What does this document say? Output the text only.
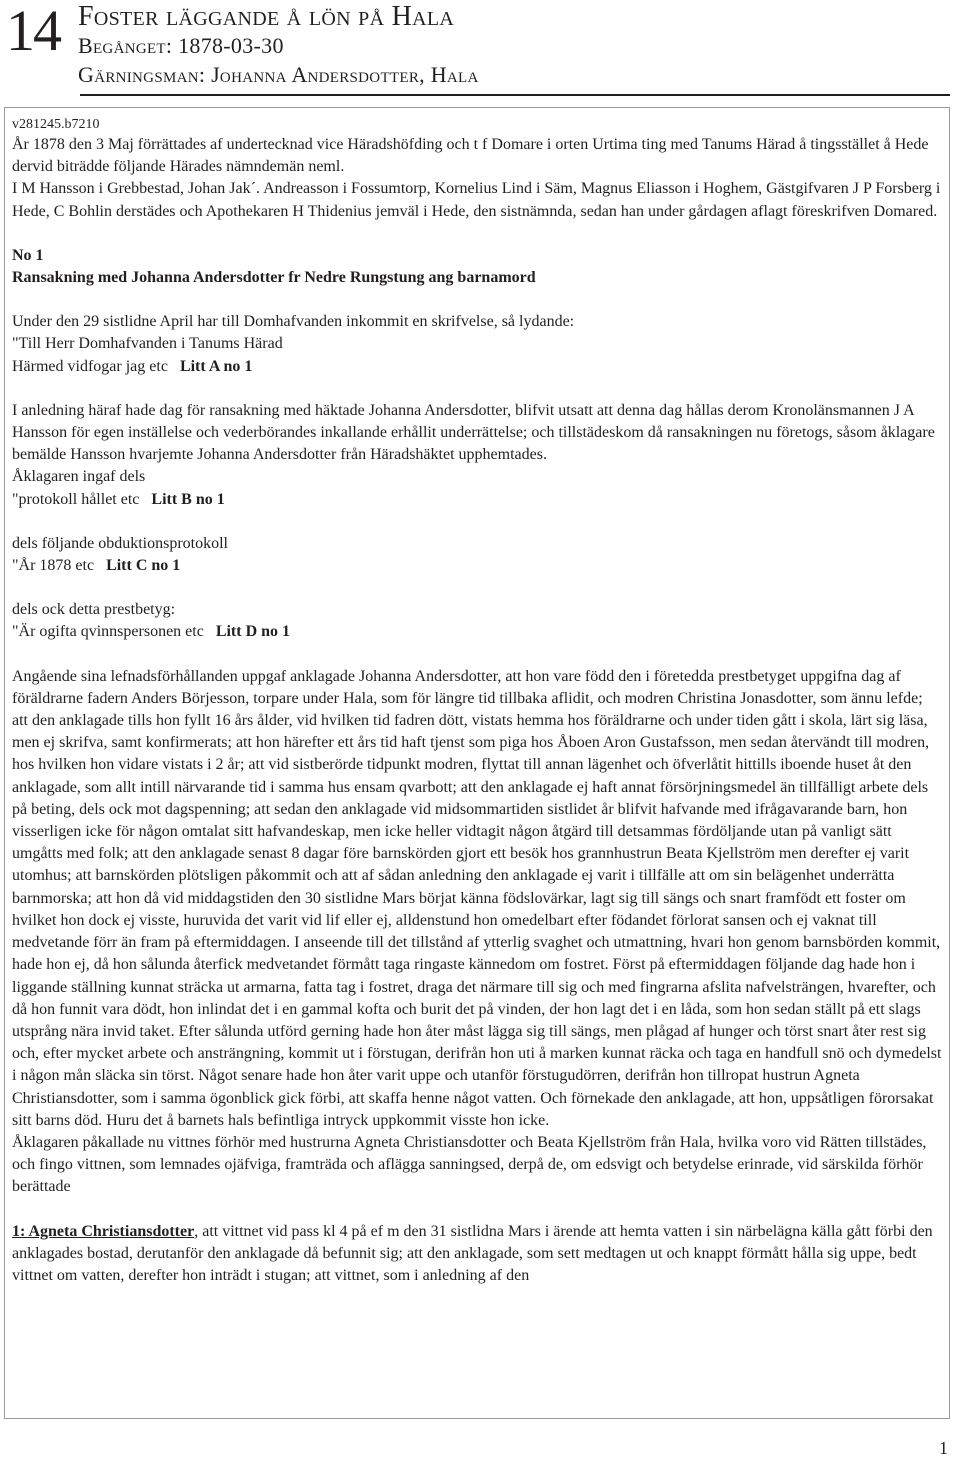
14 Foster läggande å lön på Hala
Begånget: 1878-03-30
Gärningsman: Johanna Andersdotter, Hala
v281245.b7210

År 1878 den 3 Maj förrättades af undertecknad vice Häradshöfding och t f Domare i orten Urtima ting med Tanums Härad å tingsstället å Hede dervid biträdde följande Härades nämndemän neml.

I M Hansson i Grebbestad, Johan Jak´. Andreasson i Fossumtorp, Kornelius Lind i Säm, Magnus Eliasson i Hoghem, Gästgifvaren J P Forsberg i Hede, C Bohlin derstädes och Apothekaren H Thidenius jemväl i Hede, den sistnämnda, sedan han under gårdagen aflagt föreskrifven Domared.

No 1

Ransakning med Johanna Andersdotter fr Nedre Rungstung ang barnamord

Under den 29 sistlidne April har till Domhafvanden inkommit en skrifvelse, så lydande:

"Till Herr Domhafvanden i Tanums Härad

Härmed vidfogar jag etc Litt A no 1

I anledning häraf hade dag för ransakning med häktade Johanna Andersdotter, blifvit utsatt att denna dag hållas derom Kronolänsmannen J A Hansson för egen inställelse och vederbörandes inkallande erhållit underrättelse; och tillstädeskom då ransakningen nu företogs, såsom åklagare bemälde Hansson hvarjemte Johanna Andersdotter från Häradshäktet upphemtades.

Åklagaren ingaf dels

"protokoll hållet etc Litt B no 1

dels följande obduktionsprotokoll

"År 1878 etc Litt C no 1

dels ock detta prestbetyg:

"Är ogifta qvinnspersonen etc Litt D no 1

Angående sina lefnadsförhållanden uppgaf anklagade Johanna Andersdotter, att hon vare född den i företedda prestbetyget uppgifna dag af föräldrarne fadern Anders Börjesson, torpare under Hala, som för längre tid tillbaka aflidit, och modren Christina Jonasdotter, som ännu lefde; att den anklagade tills hon fyllt 16 års ålder, vid hvilken tid fadren dött, vistats hemma hos föräldrarne och under tiden gått i skola, lärt sig läsa, men ej skrifva, samt konfirmerats; att hon härefter ett års tid haft tjenst som piga hos Åboen Aron Gustafsson, men sedan återvändt till modren, hos hvilken hon vidare vistats i 2 år; att vid sistberörde tidpunkt modren, flyttat till annan lägenhet och öfverlåtit hittills iboende huset åt den anklagade, som allt intill närvarande tid i samma hus ensam qvarbott; att den anklagade ej haft annat försörjningsmedel än tillfälligt arbete dels på beting, dels ock mot dagspenning; att sedan den anklagade vid midsommartiden sistlidet år blifvit hafvande med ifrågavarande barn, hon visserligen icke för någon omtalat sitt hafvandeskap, men icke heller vidtagit någon åtgärd till detsammas fördöljande utan på vanligt sätt umgåtts med folk; att den anklagade senast 8 dagar före barnskörden gjort ett besök hos grannhustrun Beata Kjellström men derefter ej varit utomhus; att barnskörden plötsligen påkommit och att af sådan anledning den anklagade ej varit i tillfälle att om sin belägenhet underrätta barnmorska; att hon då vid middagstiden den 30 sistlidne Mars börjat känna födslovärkar, lagt sig till sängs och snart framfödt ett foster om hvilket hon dock ej visste, huruvida det varit vid lif eller ej, alldenstund hon omedelbart efter födandet förlorat sansen och ej vaknat till medvetande förr än fram på eftermiddagen. I anseende till det tillstånd af ytterlig svaghet och utmattning, hvari hon genom barnsbörden kommit, hade hon ej, då hon sålunda återfick medvetandet förmått taga ringaste kännedom om fostret. Först på eftermiddagen följande dag hade hon i liggande ställning kunnat sträcka ut armarna, fatta tag i fostret, draga det närmare till sig och med fingrarna afslita nafvelsträngen, hvarefter, och då hon funnit vara dödt, hon inlindat det i en gammal kofta och burit det på vinden, der hon lagt det i en låda, som hon sedan ställt på ett slags utsprång nära invid taket. Efter sålunda utförd gerning hade hon åter måst lägga sig till sängs, men plågad af hunger och törst snart åter rest sig och, efter mycket arbete och ansträngning, kommit ut i förstugan, derifrån hon uti å marken kunnat räcka och taga en handfull snö och dymedelst i någon mån släcka sin törst. Något senare hade hon åter varit uppe och utanför förstugudörren, derifrån hon tillropat hustrun Agneta Christiansdotter, som i samma ögonblick gick förbi, att skaffa henne något vatten. Och förnekade den anklagade, att hon, uppsåtligen förorsakat sitt barns död. Huru det å barnets hals befintliga intryck uppkommit visste hon icke.

Åklagaren påkallade nu vittnes förhör med hustrurna Agneta Christiansdotter och Beata Kjellström från Hala, hvilka voro vid Rätten tillstädes, och fingo vittnen, som lemnades ojäfviga, framträda och aflägga sanningsed, derpå de, om edsvigt och betydelse erinrade, vid särskilda förhör berättade

1: Agneta Christiansdotter, att vittnet vid pass kl 4 på ef m den 31 sistlidna Mars i ärende att hemta vatten i sin närbelägna källa gått förbi den anklagades bostad, derutanför den anklagade då befunnit sig; att den anklagade, som sett medtagen ut och knappt förmått hålla sig uppe, bedt vittnet om vatten, derefter hon inträdt i stugan; att vittnet, som i anledning af den

1
